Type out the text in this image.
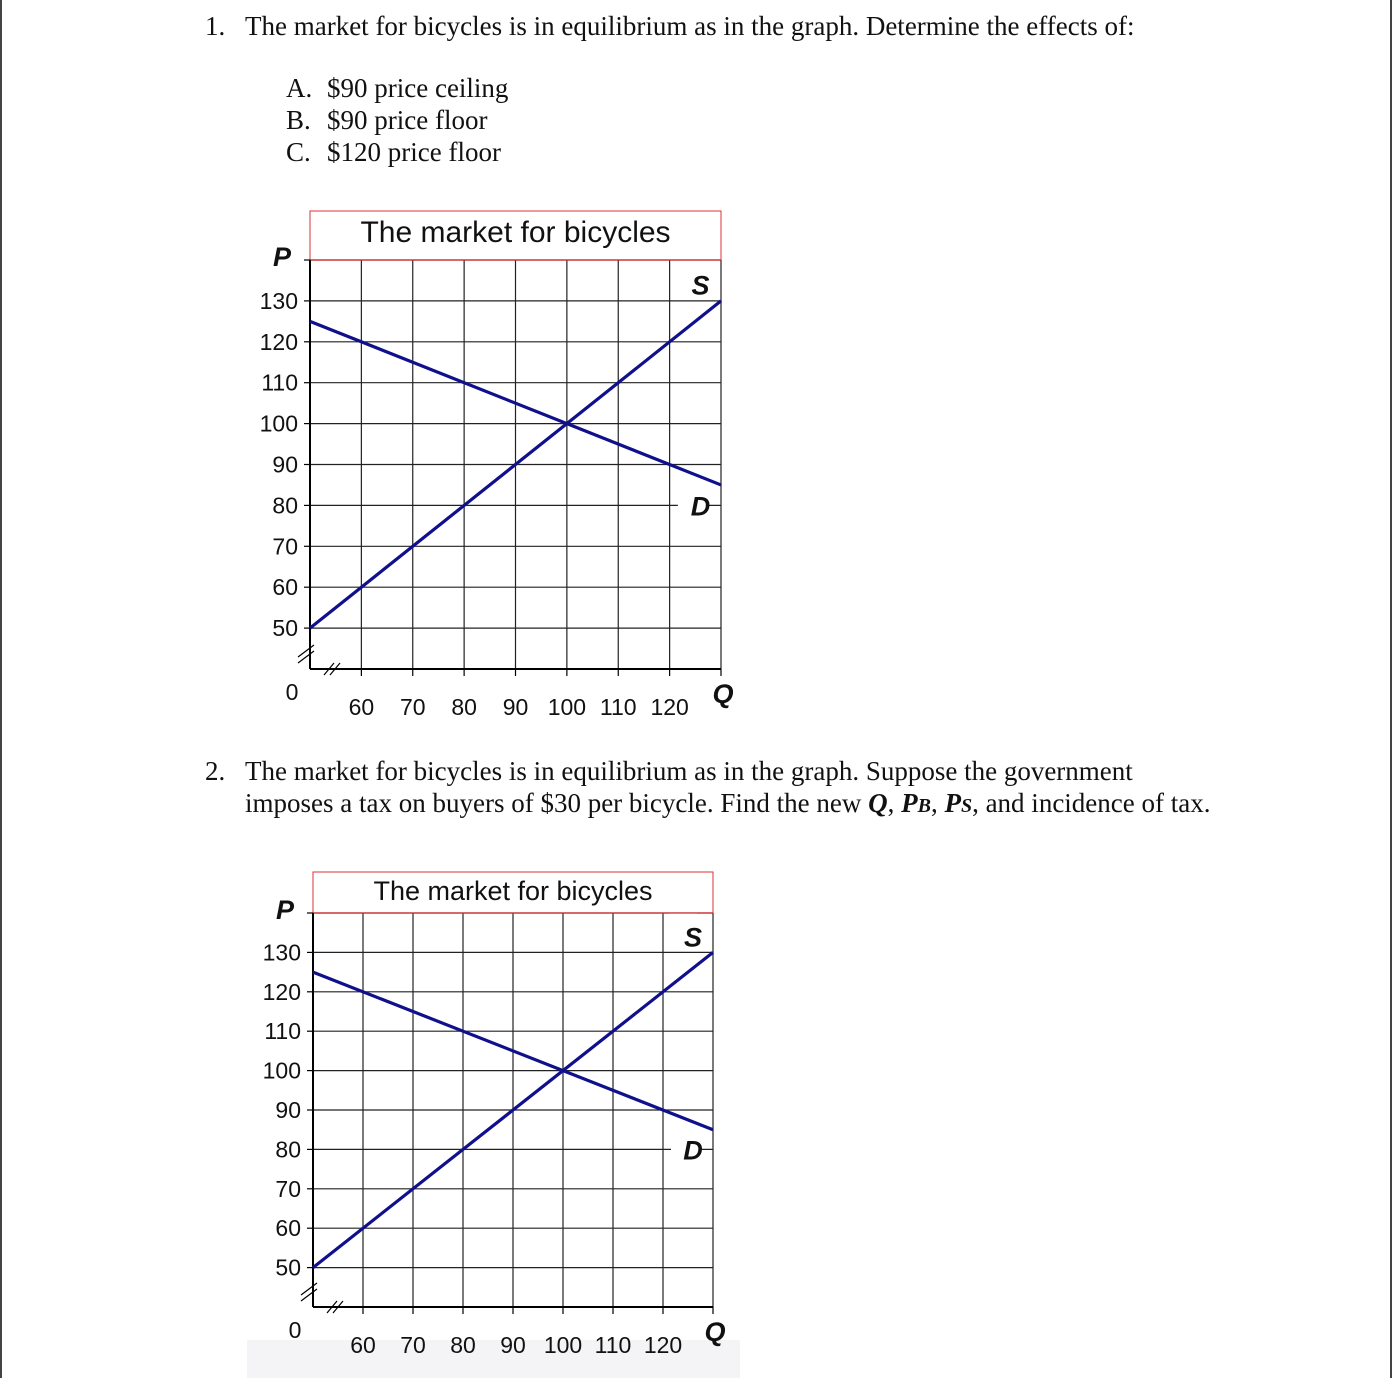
1. The market for bicycles is in equilibrium as in the graph. Determine the effects of:
A. $90 price ceiling
B. $90 price floor
C. $120 price floor
The market for bicycles
50
60
70
80
90
100
110
120
130
60 70 80 90 100 110 120
0
P
Q
S
D
2. The market for bicycles is in equilibrium as in the graph. Suppose the government
imposes a tax on buyers of $30 per bicycle. Find the new Q, PB, PS, and incidence of tax.
The market for bicycles
50
60
70
80
90
100
110
120
130
60 70 80 90 100 110 120
0
P
Q
S
D
